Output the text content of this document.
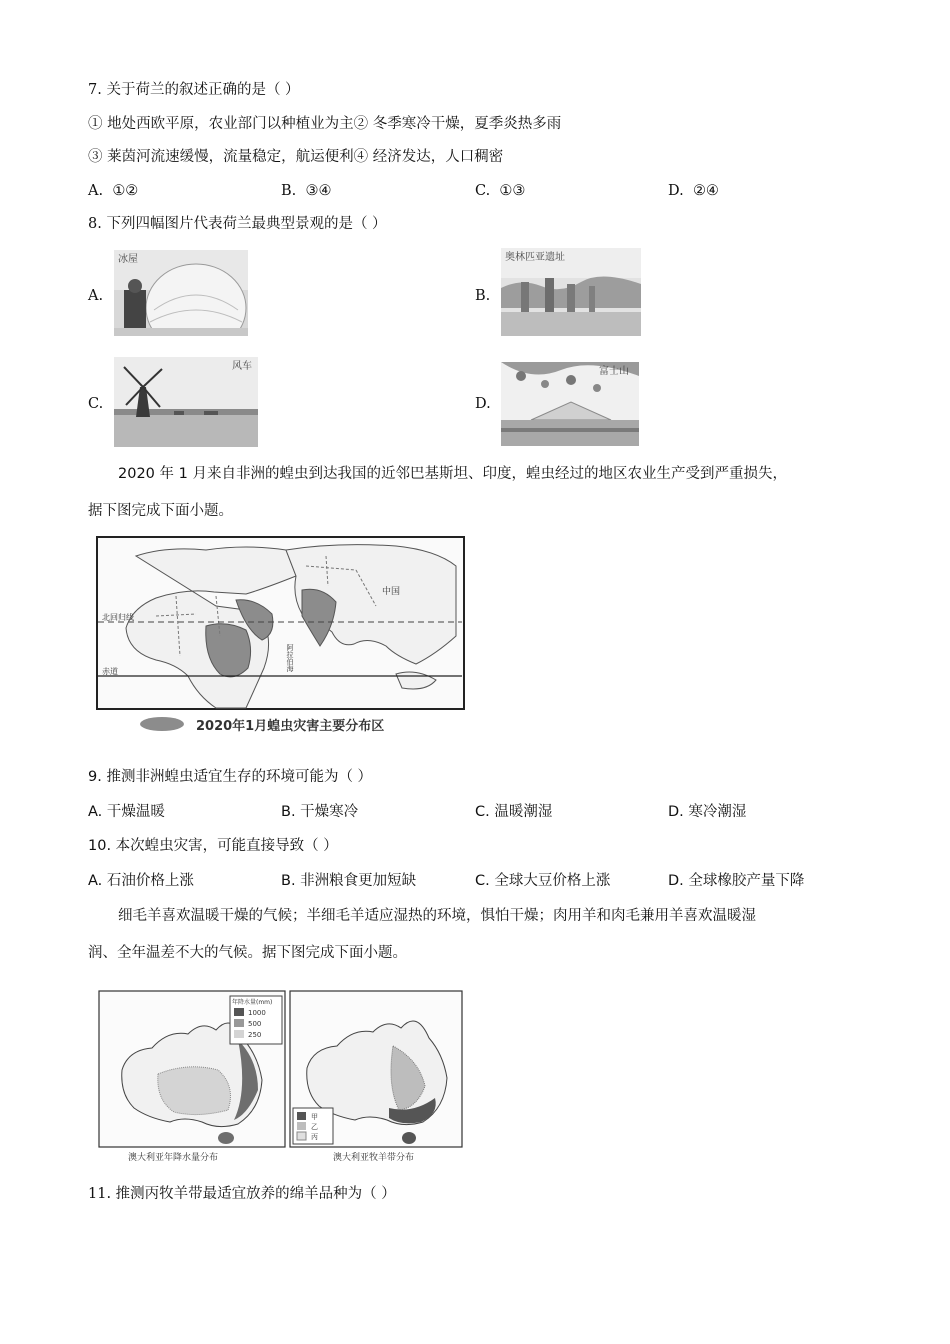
7. 关于荷兰的叙述正确的是（ ）
① 地处西欧平原，农业部门以种植业为主② 冬季寒冷干燥，夏季炎热多雨
③ 莱茵河流速缓慢，流量稳定，航运便利④ 经济发达，人口稠密
A. ①②	B. ③④	C. ①③	D. ②④
8. 下列四幅图片代表荷兰最典型景观的是（ ）
A.
冰屋
B.
奥林匹亚遗址
C.
风车
D.
富士山
2020 年 1 月来自非洲的蝗虫到达我国的近邻巴基斯坦、印度，蝗虫经过的地区农业生产受到严重损失，
据下图完成下面小题。
中国
北回归线
赤道	阿拉伯海
2020年1月蝗虫灾害主要分布区
9. 推测非洲蝗虫适宜生存的环境可能为（ ）
A. 干燥温暖	B. 干燥寒冷	C. 温暖潮湿	D. 寒冷潮湿
10. 本次蝗虫灾害，可能直接导致（ ）
A. 石油价格上涨	B. 非洲粮食更加短缺	C. 全球大豆价格上涨	D. 全球橡胶产量下降
细毛羊喜欢温暖干燥的气候；半细毛羊适应湿热的环境，惧怕干燥；肉用羊和肉毛兼用羊喜欢温暖湿
润、全年温差不大的气候。据下图完成下面小题。
年降水量(mm)
1000
500
250
澳大利亚年降水量分布
甲
乙
丙
澳大利亚牧羊带分布
11. 推测丙牧羊带最适宜放养的绵羊品种为（ ）
